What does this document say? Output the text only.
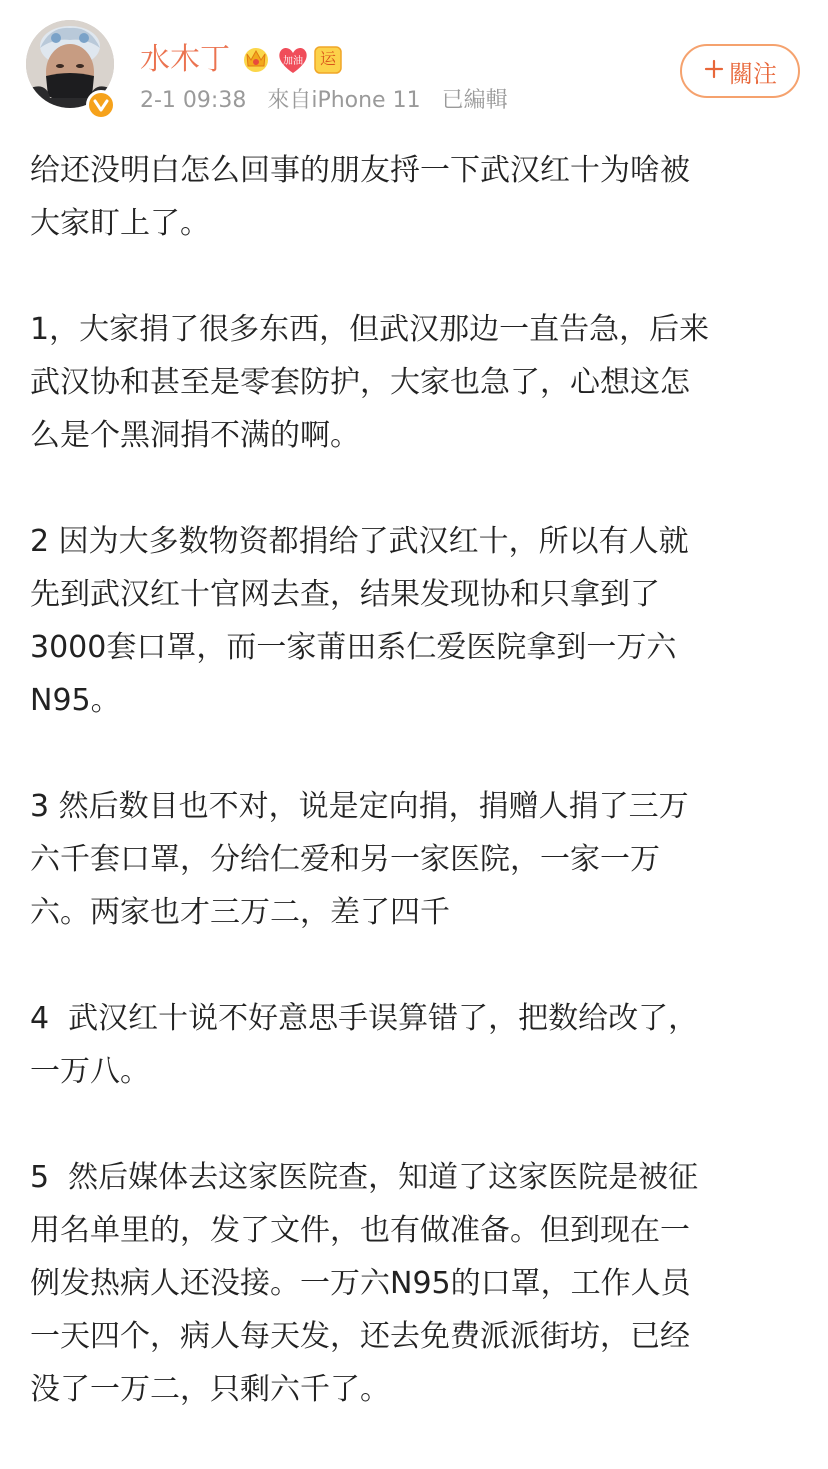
水木丁	加油	运
2-1 09:38 來自iPhone 11 已編輯
關注
给还没明白怎么回事的朋友捋一下武汉红十为啥被
大家盯上了。
1，大家捐了很多东西，但武汉那边一直告急，后来
武汉协和甚至是零套防护，大家也急了，心想这怎
么是个黑洞捐不满的啊。
2 因为大多数物资都捐给了武汉红十，所以有人就
先到武汉红十官网去查，结果发现协和只拿到了
3000套口罩，而一家莆田系仁爱医院拿到一万六
N95。
3 然后数目也不对，说是定向捐，捐赠人捐了三万
六千套口罩，分给仁爱和另一家医院，一家一万
六。两家也才三万二，差了四千
4  武汉红十说不好意思手误算错了，把数给改了，
一万八。
5  然后媒体去这家医院查，知道了这家医院是被征
用名单里的，发了文件，也有做准备。但到现在一
例发热病人还没接。一万六N95的口罩，工作人员
一天四个，病人每天发，还去免费派派街坊，已经
没了一万二，只剩六千了。
